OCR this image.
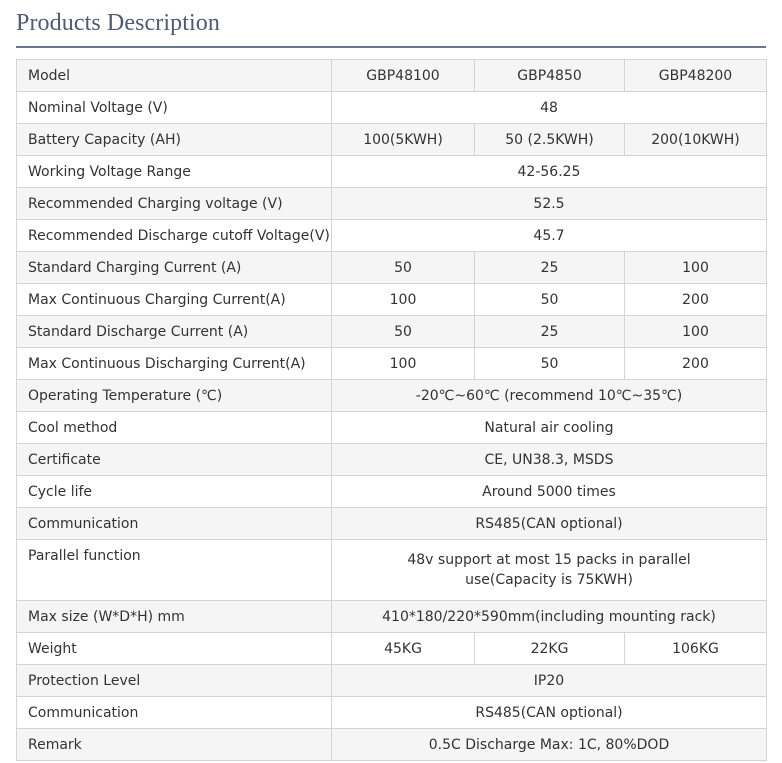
Products Description
Model	GBP48100	GBP4850	GBP48200
Nominal Voltage (V)	48		
Battery Capacity (AH)	100(5KWH)	50 (2.5KWH)	200(10KWH)
Working Voltage Range	42-56.25		
Recommended Charging voltage (V)	52.5		
Recommended Discharge cutoff Voltage(V)	45.7		
Standard Charging Current (A)	50	25	100
Max Continuous Charging Current(A)	100	50	200
Standard Discharge Current (A)	50	25	100
Max Continuous Discharging Current(A)	100	50	200
Operating Temperature (℃)	-20℃~60℃ (recommend 10℃~35℃)		
Cool method	Natural air cooling		
Certificate	CE, UN38.3, MSDS		
Cycle life	Around 5000 times		
Communication	RS485(CAN optional)		
Parallel function	48v support at most 15 packs in parallel use(Capacity is 75KWH)		
Max size (W*D*H) mm	410*180/220*590mm(including mounting rack)		
Weight	45KG	22KG	106KG
Protection Level	IP20		
Communication	RS485(CAN optional)		
Remark	0.5C Discharge Max: 1C, 80%DOD		
